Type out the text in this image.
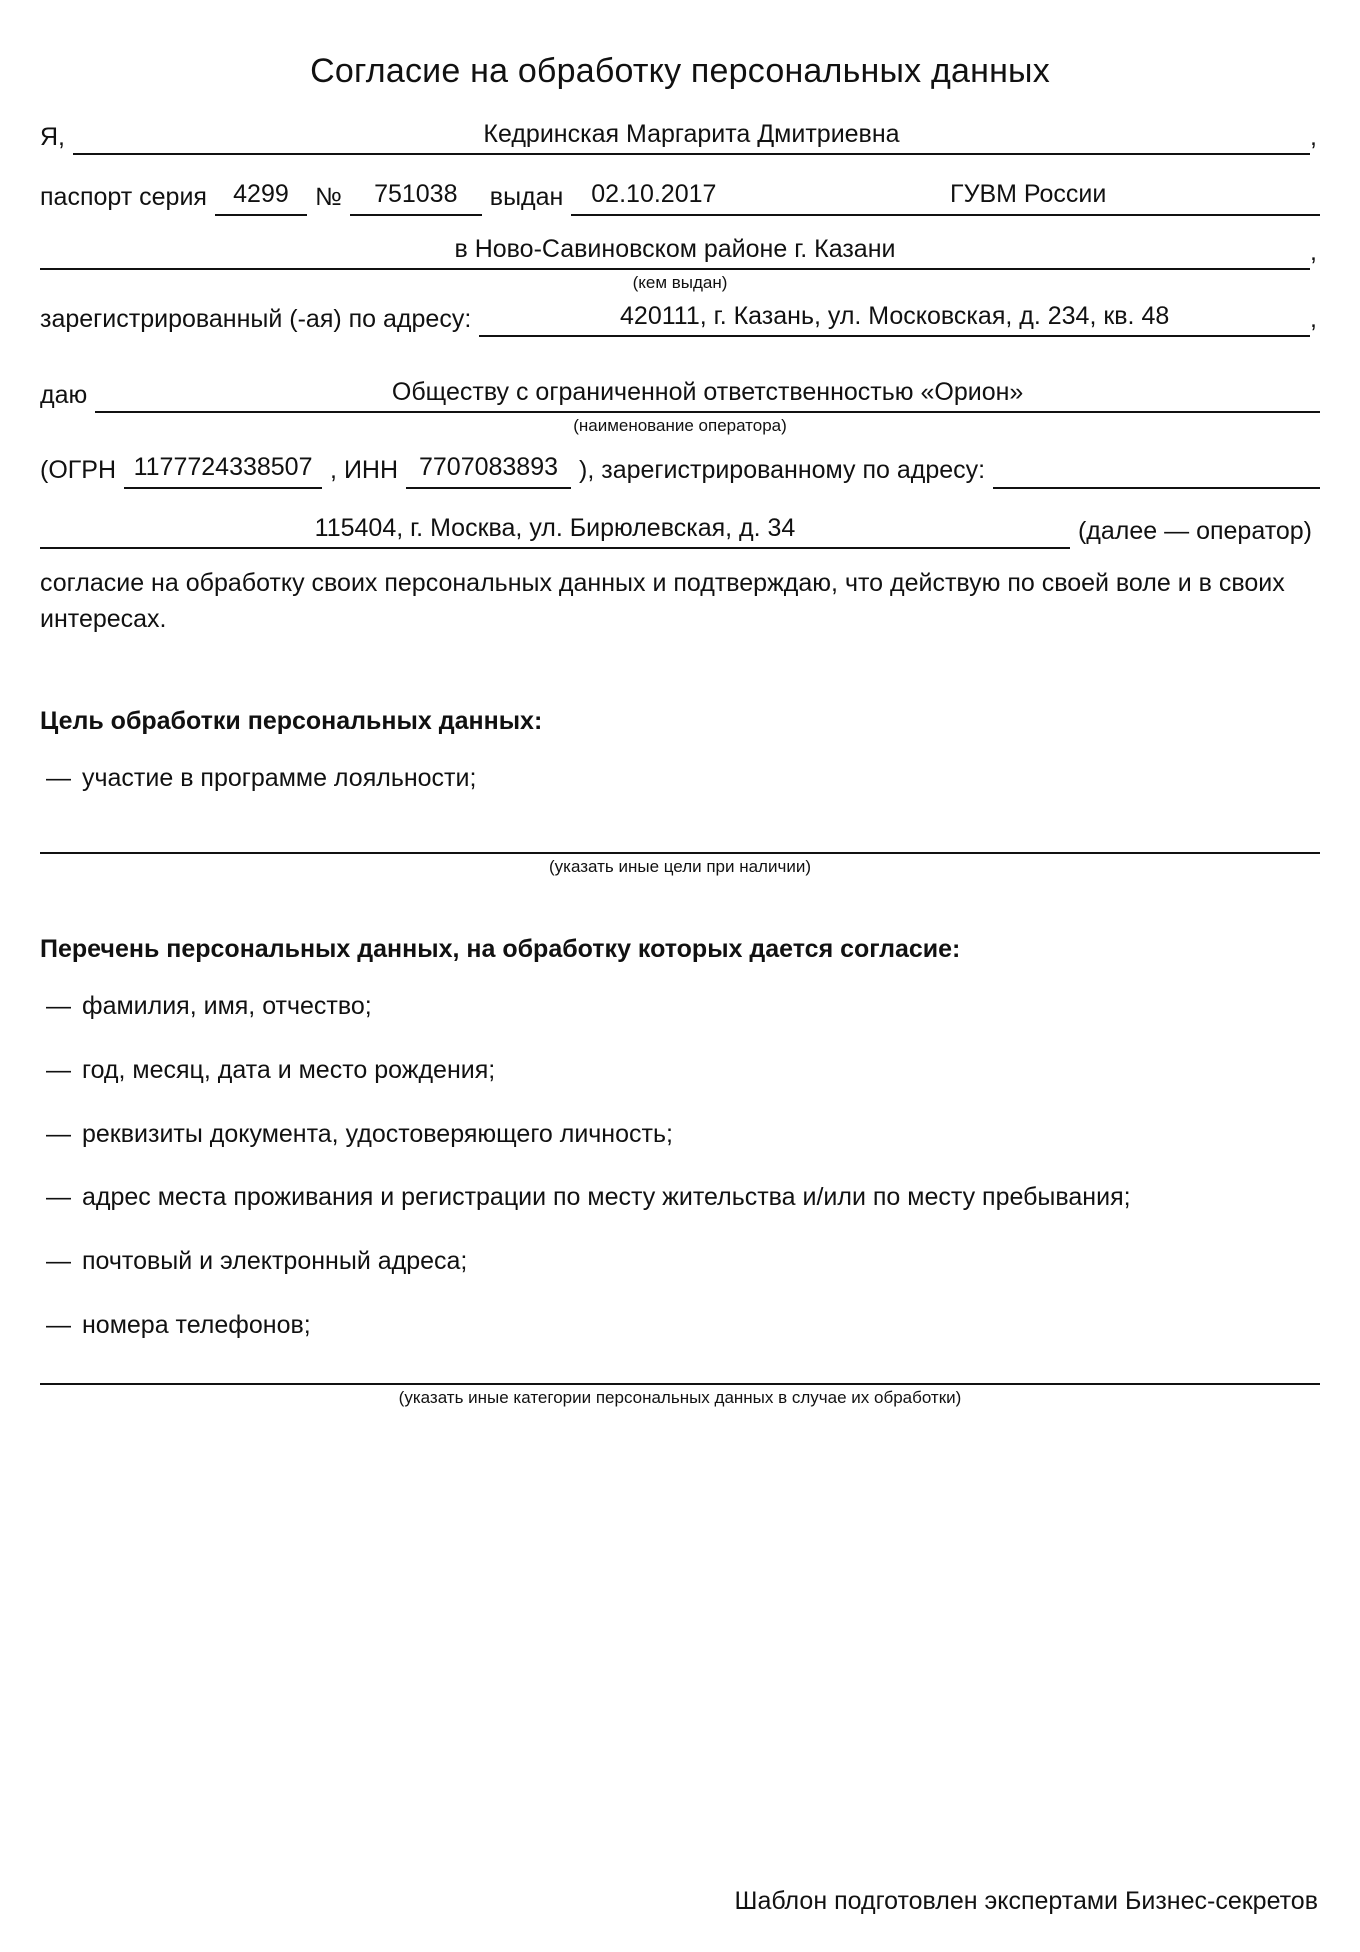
Согласие на обработку персональных данных
Я,	Кедринская Маргарита Дмитриевна	,
паспорт серия	4299	№	751038	выдан	02.10.2017	ГУВМ России
в Ново-Савиновском районе г. Казани	,
(кем выдан)
зарегистрированный (-ая) по адресу:	420111, г. Казань, ул. Московская, д. 234, кв. 48	,
даю	Обществу с ограниченной ответственностью «Орион»
(наименование оператора)
(ОГРН 1177724338507 , ИНН 7707083893 ), зарегистрированному по адресу:
115404, г. Москва, ул. Бирюлевская, д. 34	(далее — оператор)

согласие на обработку своих персональных данных и подтверждаю, что действую по своей воле и в своих интересах.

Цель обработки персональных данных:
— участие в программе лояльности;
(указать иные цели при наличии)
Перечень персональных данных, на обработку которых дается согласие:
— фамилия, имя, отчество;
— год, месяц, дата и место рождения;
— реквизиты документа, удостоверяющего личность;
— адрес места проживания и регистрации по месту жительства и/или по месту пребывания;
— почтовый и электронный адреса;
— номера телефонов;
(указать иные категории персональных данных в случае их обработки)
Шаблон подготовлен экспертами Бизнес-секретов
